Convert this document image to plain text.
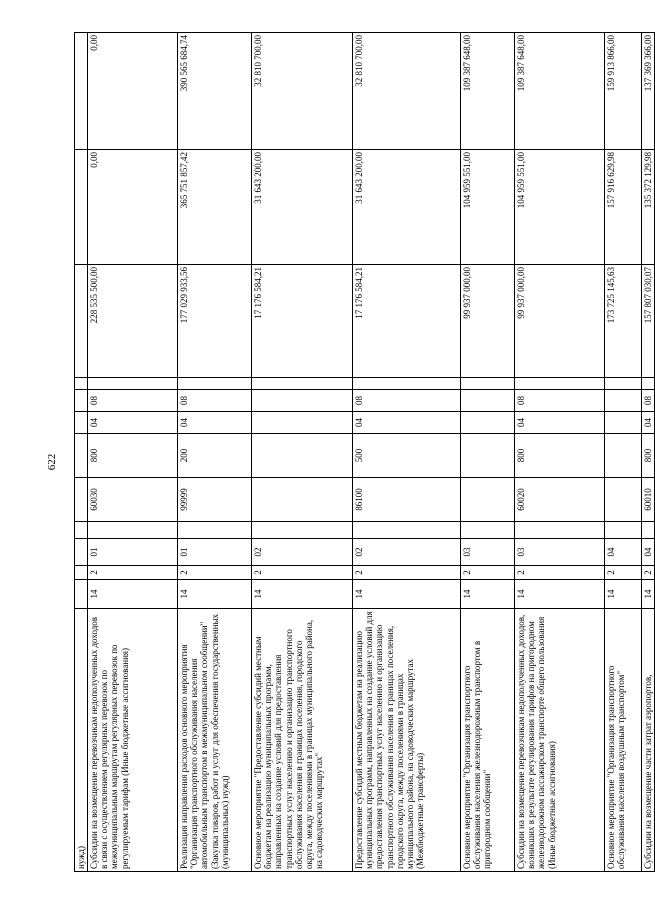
622
нужд)												
Субсидии на возмещение перевозчикам недополученных доходов в связи с осуществлением регулярных перевозок по межмуниципальным маршрутам регулярных перевозок по регулируемым тарифам (Иные бюджетные ассигнования)	14	2	01		60030	800	04	08		228 535 500,00	0,00	0,00
Реализация направления расходов основного мероприятия "Организация транспортного обслуживания населения автомобильным транспортом в межмуниципальном сообщении" (Закупка товаров, работ и услуг для обеспечения государственных (муниципальных) нужд)	14	2	01		99999	200	04	08		177 029 933,56	365 751 857,42	390 565 684,74
Основное мероприятие "Предоставление субсидий местным бюджетам на реализацию муниципальных программ, направленных на создание условий для предоставления транспортных услуг населению и организацию транспортного обслуживания населения в границах поселения, городского округа, между поселениями в границах муниципального района, на садоводческих маршрутах"	14	2	02							17 176 584,21	31 643 200,00	32 810 700,00
Предоставление субсидий местным бюджетам на реализацию муниципальных программ, направленных на создание условий для предоставления транспортных услуг населению и организацию транспортного обслуживания населения в границах поселения, городского округа, между поселениями в границах муниципального района, на садоводческих маршрутах (Межбюджетные трансферты)	14	2	02		86100	500	04	08		17 176 584,21	31 643 200,00	32 810 700,00
Основное мероприятие "Организация транспортного обслуживания населения железнодорожным транспортом в пригородном сообщении"	14	2	03							99 937 000,00	104 959 551,00	109 387 648,00
Субсидии на возмещение перевозчикам недополученных доходов, возникших в результате регулирования тарифов на пригородном железнодорожном пассажирском транспорте общего пользования (Иные бюджетные ассигнования)	14	2	03		60020	800	04	08		99 937 000,00	104 959 551,00	109 387 648,00
Основное мероприятие "Организация транспортного обслуживания населения воздушным транспортом"	14	2	04							173 725 145,63	157 916 629,98	159 913 866,00
Субсидии на возмещение части затрат аэропортов,	14	2	04		60010	800	04	08		157 807 030,07	135 372 129,98	137 369 366,00
